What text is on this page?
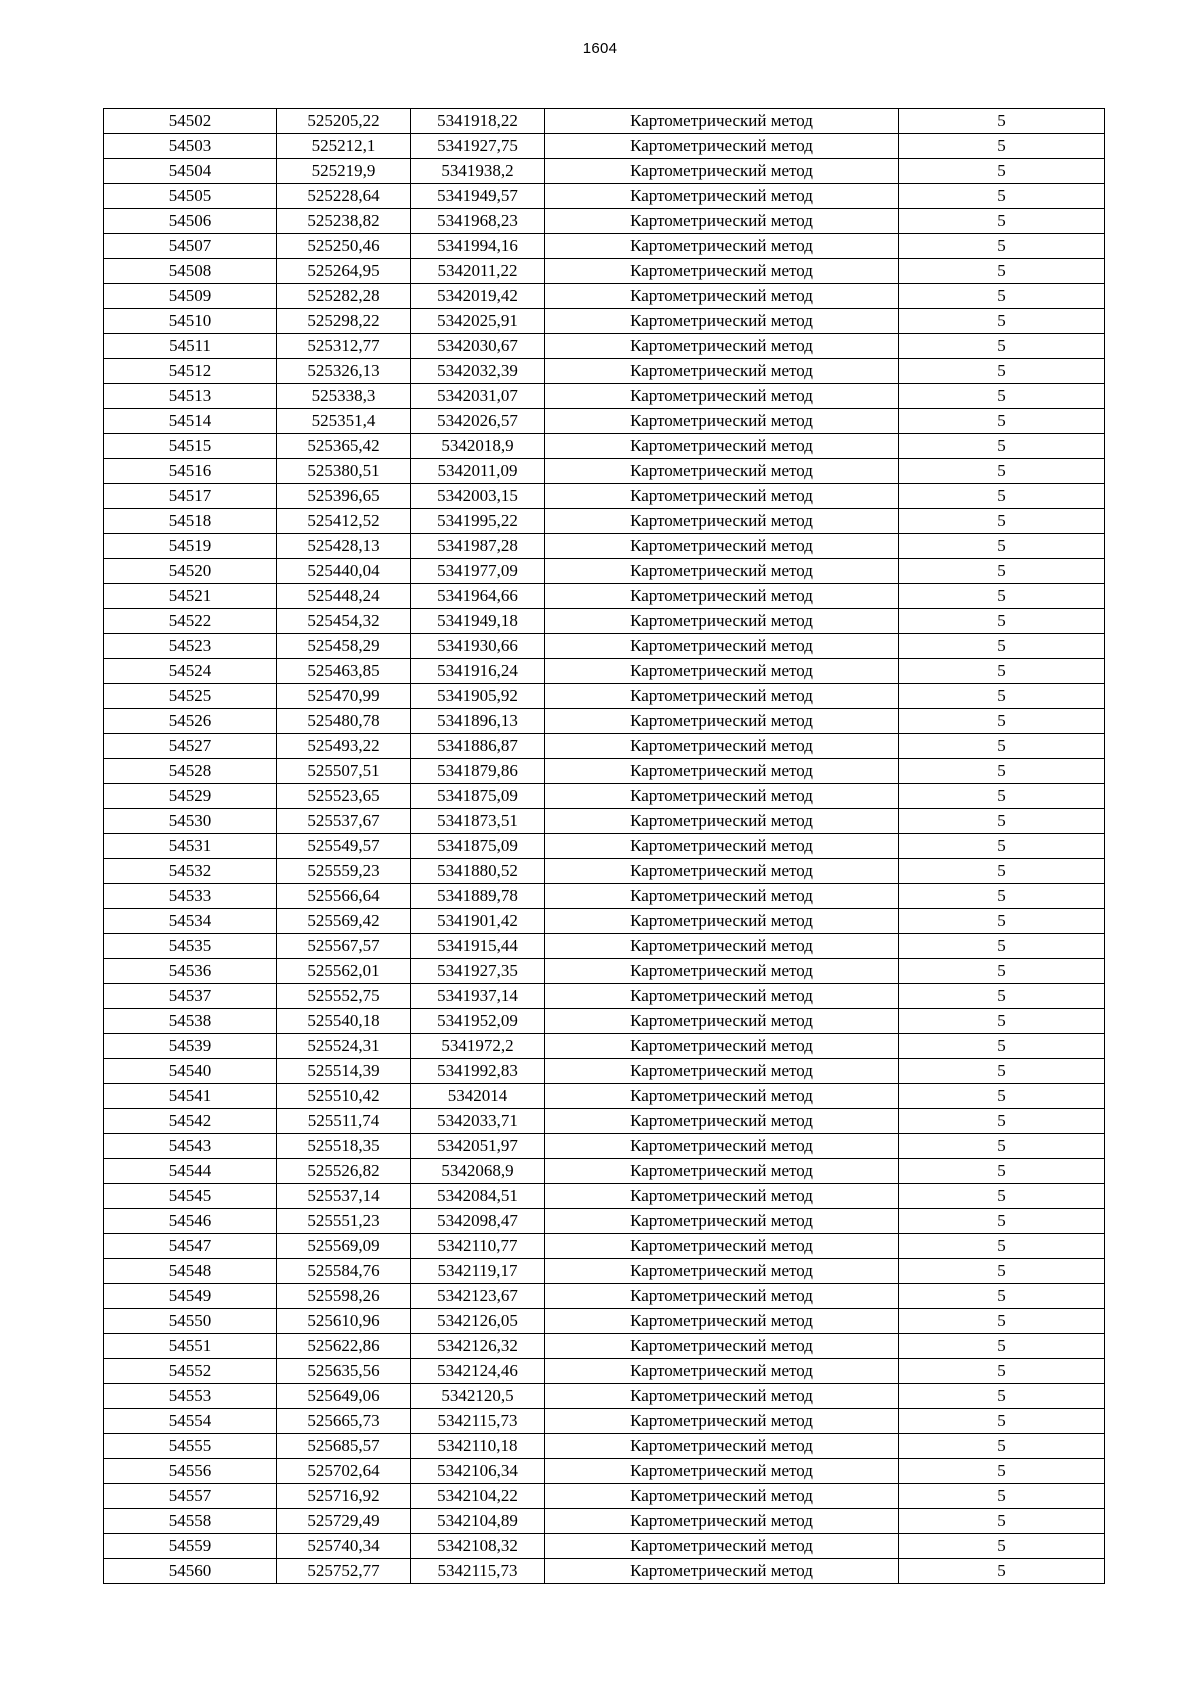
1604
54502	525205,22	5341918,22	Картометрический метод	5
54503	525212,1	5341927,75	Картометрический метод	5
54504	525219,9	5341938,2	Картометрический метод	5
54505	525228,64	5341949,57	Картометрический метод	5
54506	525238,82	5341968,23	Картометрический метод	5
54507	525250,46	5341994,16	Картометрический метод	5
54508	525264,95	5342011,22	Картометрический метод	5
54509	525282,28	5342019,42	Картометрический метод	5
54510	525298,22	5342025,91	Картометрический метод	5
54511	525312,77	5342030,67	Картометрический метод	5
54512	525326,13	5342032,39	Картометрический метод	5
54513	525338,3	5342031,07	Картометрический метод	5
54514	525351,4	5342026,57	Картометрический метод	5
54515	525365,42	5342018,9	Картометрический метод	5
54516	525380,51	5342011,09	Картометрический метод	5
54517	525396,65	5342003,15	Картометрический метод	5
54518	525412,52	5341995,22	Картометрический метод	5
54519	525428,13	5341987,28	Картометрический метод	5
54520	525440,04	5341977,09	Картометрический метод	5
54521	525448,24	5341964,66	Картометрический метод	5
54522	525454,32	5341949,18	Картометрический метод	5
54523	525458,29	5341930,66	Картометрический метод	5
54524	525463,85	5341916,24	Картометрический метод	5
54525	525470,99	5341905,92	Картометрический метод	5
54526	525480,78	5341896,13	Картометрический метод	5
54527	525493,22	5341886,87	Картометрический метод	5
54528	525507,51	5341879,86	Картометрический метод	5
54529	525523,65	5341875,09	Картометрический метод	5
54530	525537,67	5341873,51	Картометрический метод	5
54531	525549,57	5341875,09	Картометрический метод	5
54532	525559,23	5341880,52	Картометрический метод	5
54533	525566,64	5341889,78	Картометрический метод	5
54534	525569,42	5341901,42	Картометрический метод	5
54535	525567,57	5341915,44	Картометрический метод	5
54536	525562,01	5341927,35	Картометрический метод	5
54537	525552,75	5341937,14	Картометрический метод	5
54538	525540,18	5341952,09	Картометрический метод	5
54539	525524,31	5341972,2	Картометрический метод	5
54540	525514,39	5341992,83	Картометрический метод	5
54541	525510,42	5342014	Картометрический метод	5
54542	525511,74	5342033,71	Картометрический метод	5
54543	525518,35	5342051,97	Картометрический метод	5
54544	525526,82	5342068,9	Картометрический метод	5
54545	525537,14	5342084,51	Картометрический метод	5
54546	525551,23	5342098,47	Картометрический метод	5
54547	525569,09	5342110,77	Картометрический метод	5
54548	525584,76	5342119,17	Картометрический метод	5
54549	525598,26	5342123,67	Картометрический метод	5
54550	525610,96	5342126,05	Картометрический метод	5
54551	525622,86	5342126,32	Картометрический метод	5
54552	525635,56	5342124,46	Картометрический метод	5
54553	525649,06	5342120,5	Картометрический метод	5
54554	525665,73	5342115,73	Картометрический метод	5
54555	525685,57	5342110,18	Картометрический метод	5
54556	525702,64	5342106,34	Картометрический метод	5
54557	525716,92	5342104,22	Картометрический метод	5
54558	525729,49	5342104,89	Картометрический метод	5
54559	525740,34	5342108,32	Картометрический метод	5
54560	525752,77	5342115,73	Картометрический метод	5
